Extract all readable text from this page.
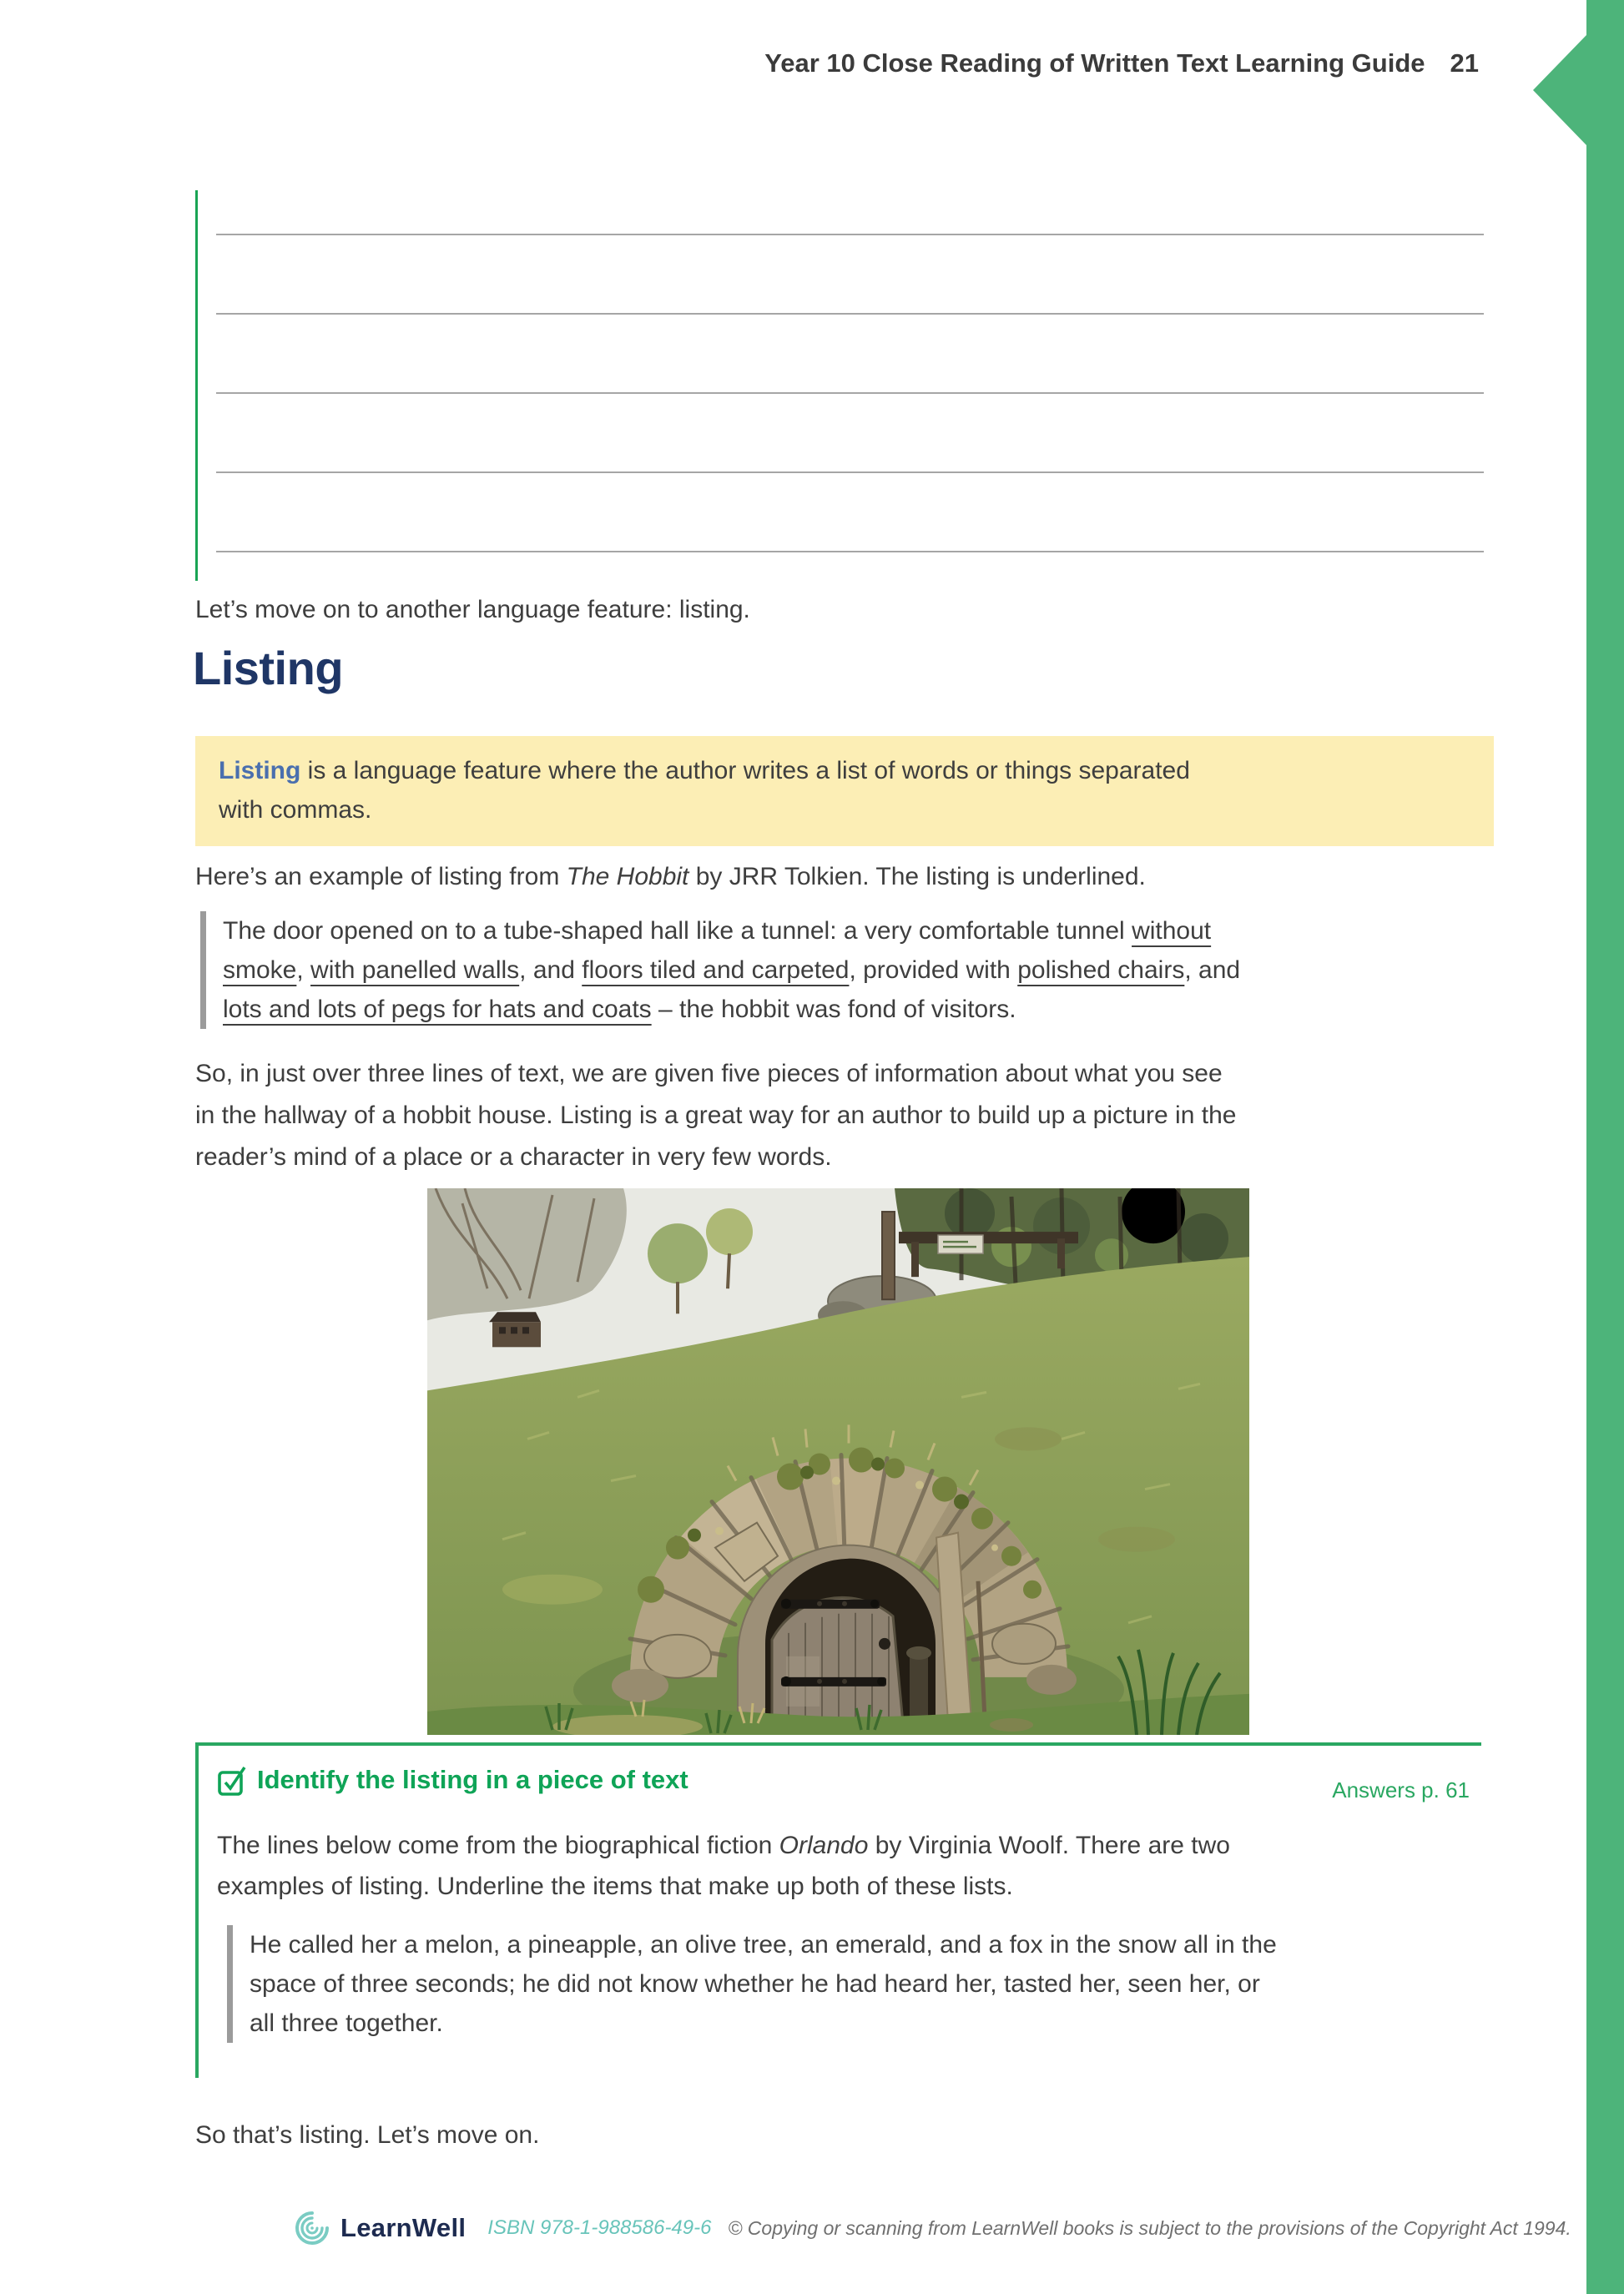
Year 10 Close Reading of Written Text Learning Guide 21
Let’s move on to another language feature: listing.
Listing
Listing is a language feature where the author writes a list of words or things separated
with commas.
Here’s an example of listing from The Hobbit by JRR Tolkien. The listing is underlined.
The door opened on to a tube-shaped hall like a tunnel: a very comfortable tunnel without
smoke, with panelled walls, and floors tiled and carpeted, provided with polished chairs, and
lots and lots of pegs for hats and coats – the hobbit was fond of visitors.
So, in just over three lines of text, we are given five pieces of information about what you see
in the hallway of a hobbit house. Listing is a great way for an author to build up a picture in the
reader’s mind of a place or a character in very few words.
Identify the listing in a piece of text	Answers p. 61
The lines below come from the biographical fiction Orlando by Virginia Woolf. There are two
examples of listing. Underline the items that make up both of these lists.
He called her a melon, a pineapple, an olive tree, an emerald, and a fox in the snow all in the
space of three seconds; he did not know whether he had heard her, tasted her, seen her, or
all three together.
So that’s listing. Let’s move on.
LearnWell ISBN 978-1-988586-49-6 © Copying or scanning from LearnWell books is subject to the provisions of the Copyright Act 1994.
